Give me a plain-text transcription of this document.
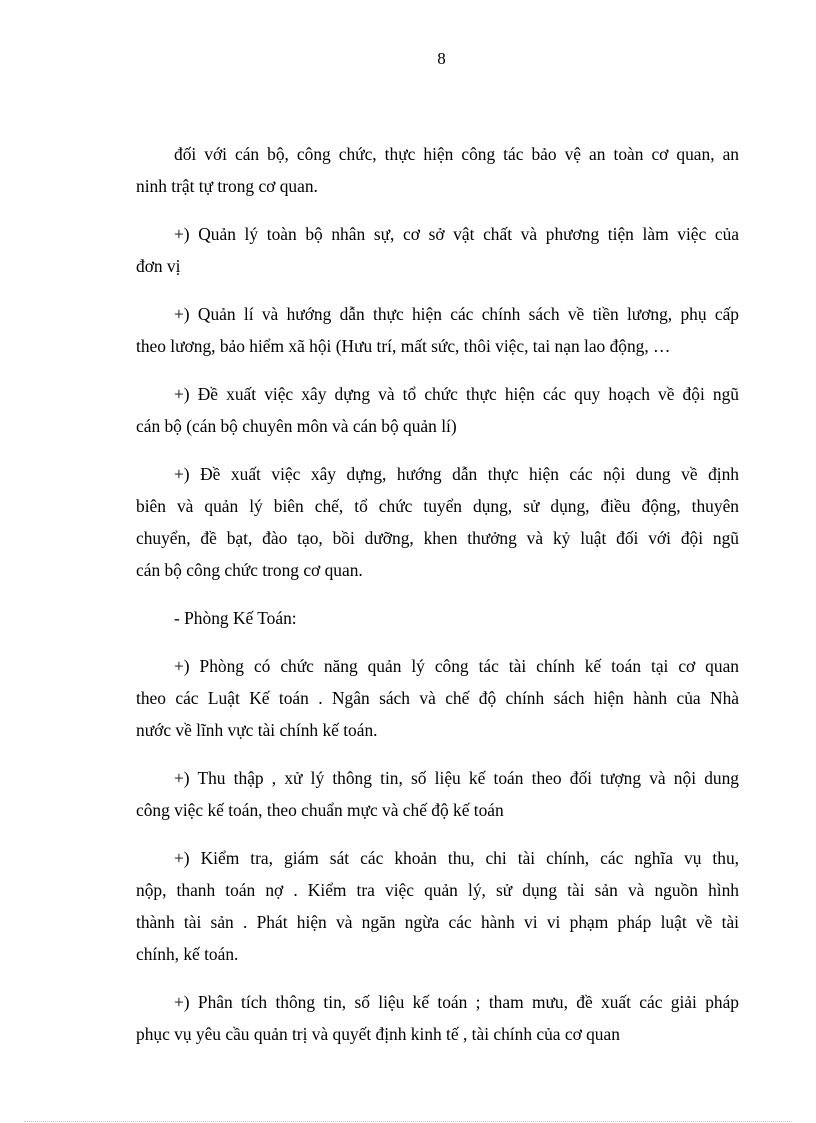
8

đối với cán bộ, công chức, thực hiện công tác bảo vệ an toàn cơ quan, an
ninh trật tự trong cơ quan.

+) Quản lý toàn bộ nhân sự, cơ sở vật chất và phương tiện làm việc của
đơn vị

+) Quản lí và hướng dẫn thực hiện các chính sách về tiền lương, phụ cấp
theo lương, bảo hiểm xã hội (Hưu trí, mất sức, thôi việc, tai nạn lao động, …

+) Đề xuất việc xây dựng và tổ chức thực hiện các quy hoạch về đội ngũ
cán bộ (cán bộ chuyên môn và cán bộ quản lí)

+) Đề xuất việc xây dựng, hướng dẫn thực hiện các nội dung về định
biên và quản lý biên chế, tổ chức tuyển dụng, sử dụng, điều động, thuyên
chuyển, đề bạt, đào tạo, bồi dưỡng, khen thưởng và kỷ luật đối với đội ngũ
cán bộ công chức trong cơ quan.

- Phòng Kế Toán:

+) Phòng có chức năng quản lý công tác tài chính kế toán tại cơ quan
theo các Luật Kế toán . Ngân sách và chế độ chính sách hiện hành của Nhà
nước về lĩnh vực tài chính kế toán.

+) Thu thập , xử lý thông tin, số liệu kế toán theo đối tượng và nội dung
công việc kế toán, theo chuẩn mực và chế độ kế toán

+) Kiểm tra, giám sát các khoản thu, chi tài chính, các nghĩa vụ thu,
nộp, thanh toán nợ . Kiểm tra việc quản lý, sử dụng tài sản và nguồn hình
thành tài sản . Phát hiện và ngăn ngừa các hành vi vi phạm pháp luật về tài
chính, kế toán.

+) Phân tích thông tin, số liệu kế toán ; tham mưu, đề xuất các giải pháp
phục vụ yêu cầu quản trị và quyết định kinh tế , tài chính của cơ quan
